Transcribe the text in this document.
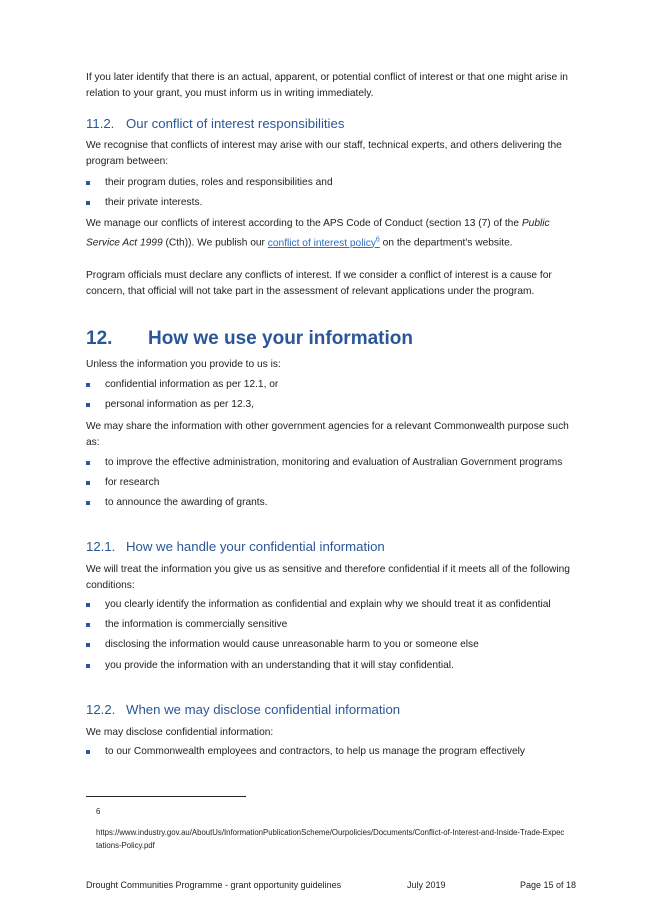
If you later identify that there is an actual, apparent, or potential conflict of interest or that one might arise in relation to your grant, you must inform us in writing immediately.

11.2. Our conflict of interest responsibilities

We recognise that conflicts of interest may arise with our staff, technical experts, and others delivering the program between:

their program duties, roles and responsibilities and
their private interests.

We manage our conflicts of interest according to the APS Code of Conduct (section 13 (7) of the Public Service Act 1999 (Cth)). We publish our conflict of interest policy$^6$ on the department's website.

Program officials must declare any conflicts of interest. If we consider a conflict of interest is a cause for concern, that official will not take part in the assessment of relevant applications under the program.

12. How we use your information

Unless the information you provide to us is:

confidential information as per 12.1, or
personal information as per 12.3,

We may share the information with other government agencies for a relevant Commonwealth purpose such as:

to improve the effective administration, monitoring and evaluation of Australian Government programs
for research
to announce the awarding of grants.
12.1. How we handle your confidential information

We will treat the information you give us as sensitive and therefore confidential if it meets all of the following conditions:

you clearly identify the information as confidential and explain why we should treat it as confidential
the information is commercially sensitive
disclosing the information would cause unreasonable harm to you or someone else
you provide the information with an understanding that it will stay confidential.
12.2. When we may disclose confidential information

We may disclose confidential information:

to our Commonwealth employees and contractors, to help us manage the program effectively
6
https://www.industry.gov.au/AboutUs/InformationPublicationScheme/Ourpolicies/Documents/Conflict-of-Interest-and-Inside-Trade-Expectations-Policy.pdf
Drought Communities Programme - grant opportunity guidelines	July 2019	Page 15 of 18
